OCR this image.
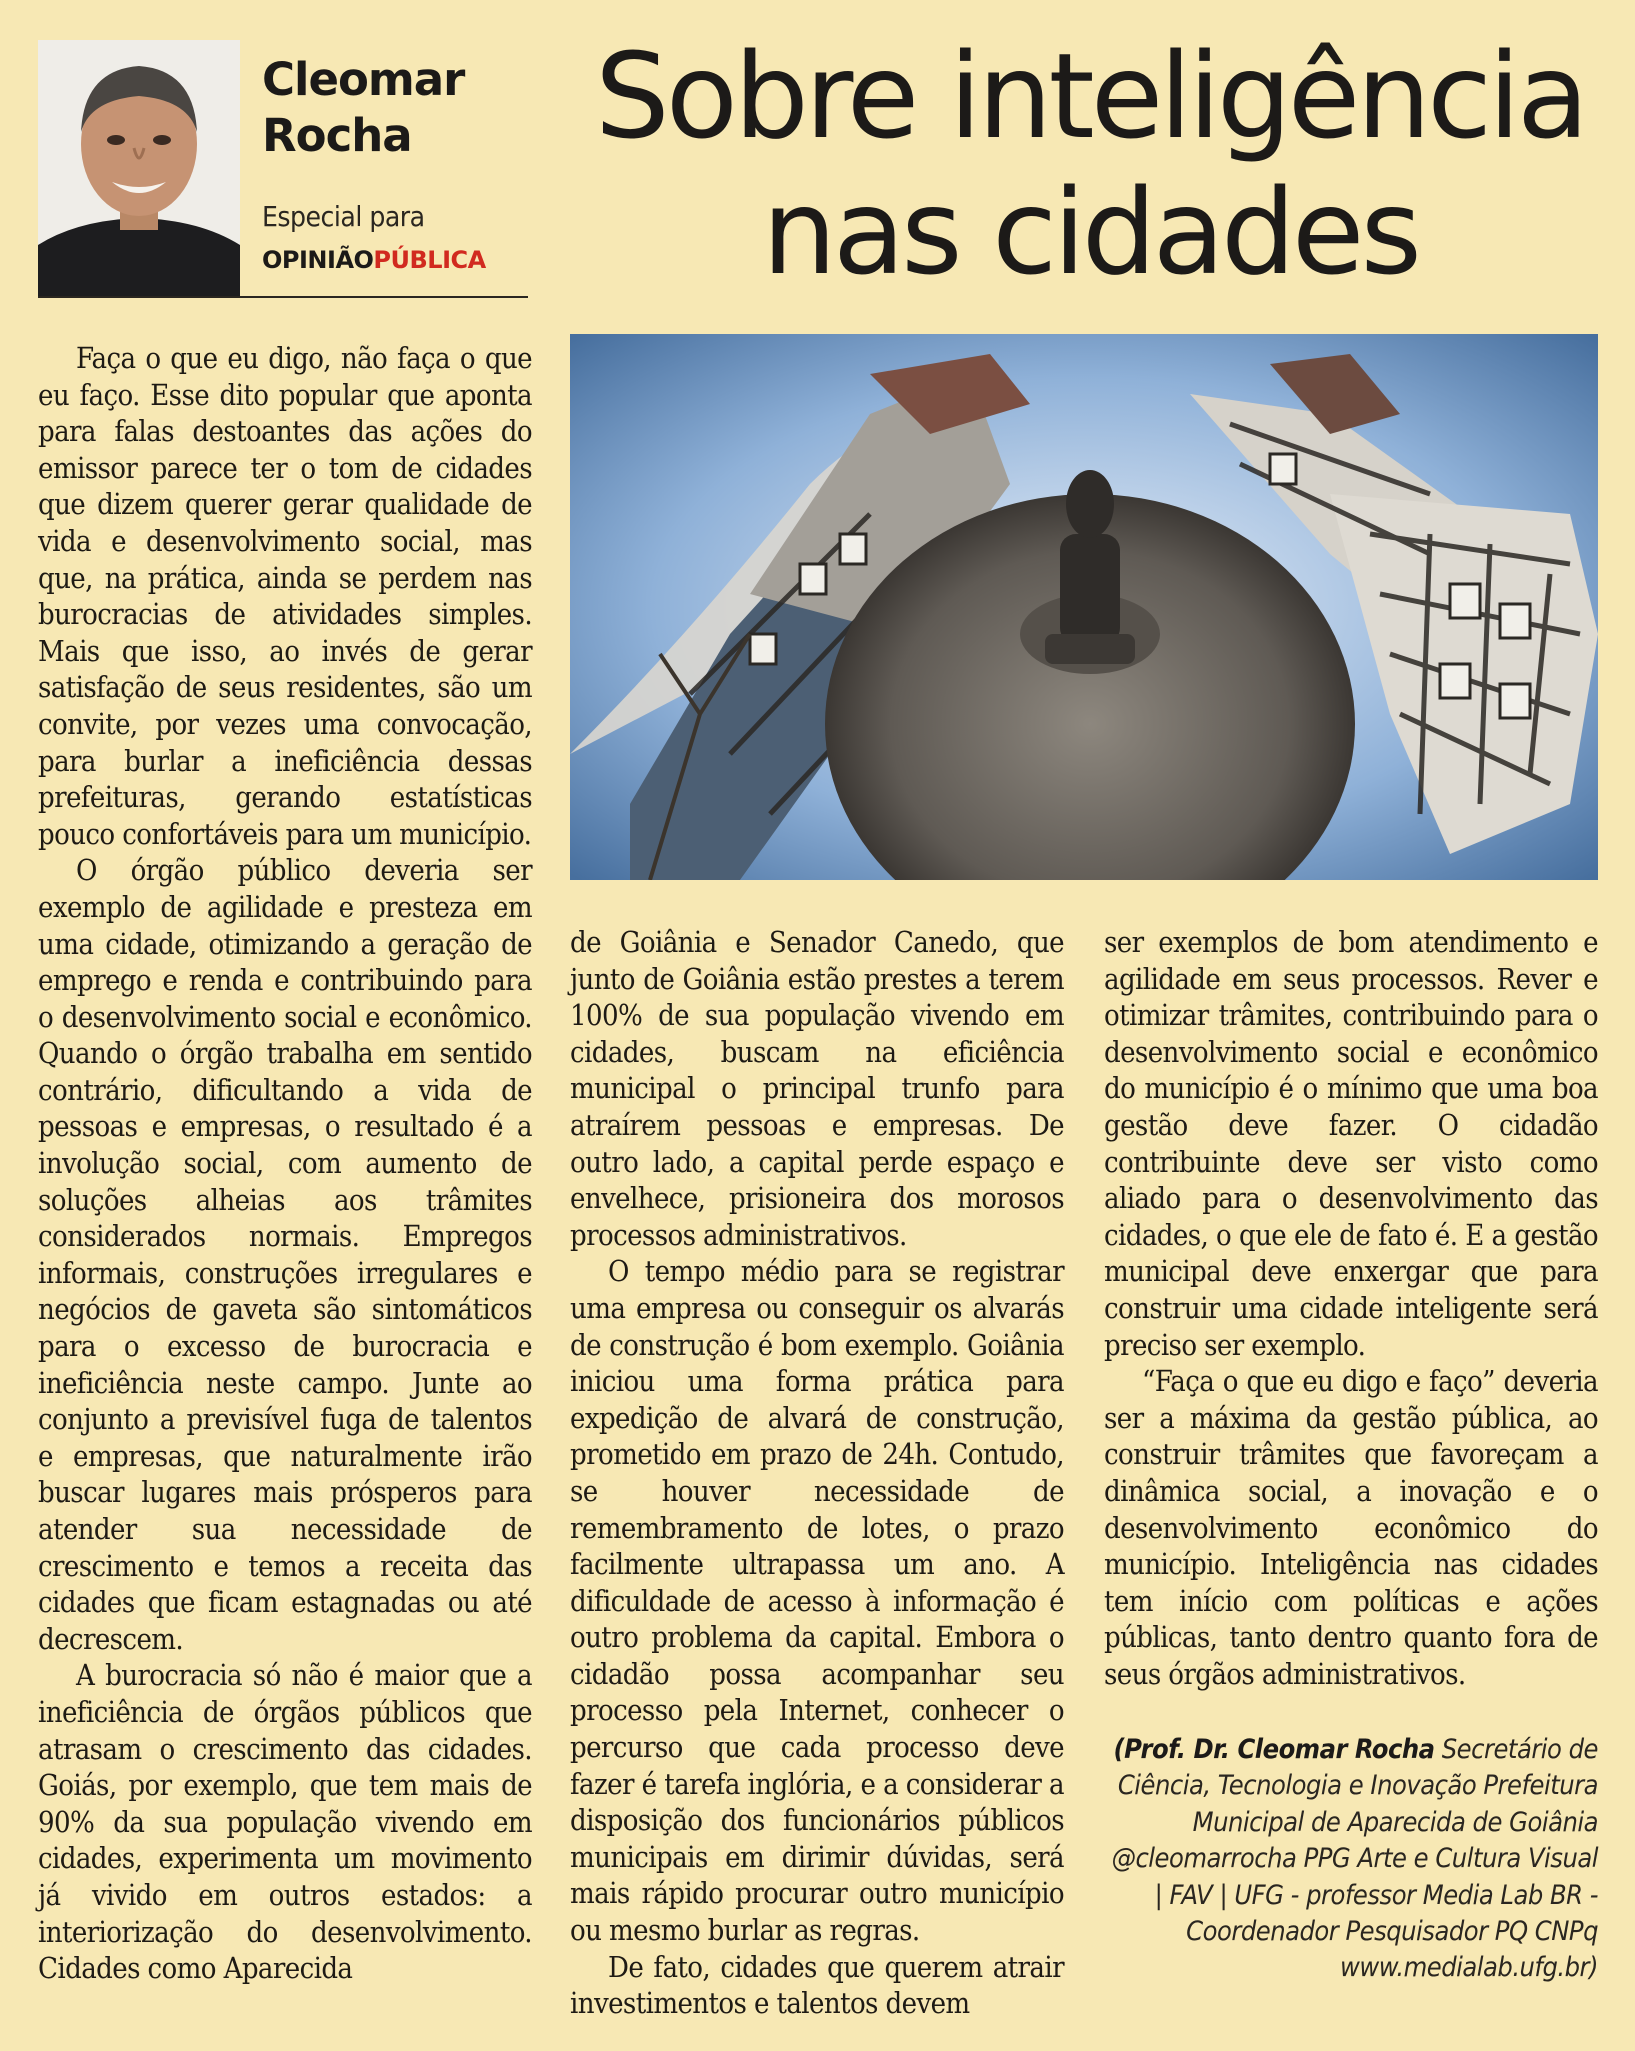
Cleomar
Rocha
Especial para
OPINIÃOPÚBLICA
Sobre inteligência
nas cidades

Faça o que eu digo, não faça o que eu faço. Esse dito popular que aponta para falas destoantes das ações do emissor parece ter o tom de cidades que dizem querer gerar qualidade de vida e desenvolvimento social, mas que, na prática, ainda se perdem nas burocracias de atividades simples. Mais que isso, ao invés de gerar satisfação de seus residentes, são um convite, por vezes uma convocação, para burlar a ineficiência dessas prefeituras, gerando estatísticas pouco confortáveis para um município.

O órgão público deveria ser exemplo de agilidade e presteza em uma cidade, otimizando a geração de emprego e renda e contribuindo para o desenvolvimento social e econômico. Quando o órgão trabalha em sentido contrário, dificultando a vida de pessoas e empresas, o resultado é a involução social, com aumento de soluções alheias aos trâmites considerados normais. Empregos informais, construções irregulares e negócios de gaveta são sintomáticos para o excesso de burocracia e ineficiência neste campo. Junte ao conjunto a previsível fuga de talentos e empresas, que naturalmente irão buscar lugares mais prósperos para atender sua necessidade de crescimento e temos a receita das cidades que ficam estagnadas ou até decrescem.

A burocracia só não é maior que a ineficiência de órgãos públicos que atrasam o crescimento das cidades. Goiás, por exemplo, que tem mais de 90% da sua população vivendo em cidades, experimenta um movimento já vivido em outros estados: a interiorização do desenvolvimento. Cidades como Aparecida

de Goiânia e Senador Canedo, que junto de Goiânia estão prestes a terem 100% de sua população vivendo em cidades, buscam na eficiência municipal o principal trunfo para atraírem pessoas e empresas. De outro lado, a capital perde espaço e envelhece, prisioneira dos morosos processos administrativos.

O tempo médio para se registrar uma empresa ou conseguir os alvarás de construção é bom exemplo. Goiânia iniciou uma forma prática para expedição de alvará de construção, prometido em prazo de 24h. Contudo, se houver necessidade de remembramento de lotes, o prazo facilmente ultrapassa um ano. A dificuldade de acesso à informação é outro problema da capital. Embora o cidadão possa acompanhar seu processo pela Internet, conhecer o percurso que cada processo deve fazer é tarefa inglória, e a considerar a disposição dos funcionários públicos municipais em dirimir dúvidas, será mais rápido procurar outro município ou mesmo burlar as regras.

De fato, cidades que querem atrair investimentos e talentos devem

ser exemplos de bom atendimento e agilidade em seus processos. Rever e otimizar trâmites, contribuindo para o desenvolvimento social e econômico do município é o mínimo que uma boa gestão deve fazer. O cidadão contribuinte deve ser visto como aliado para o desenvolvimento das cidades, o que ele de fato é. E a gestão municipal deve enxergar que para construir uma cidade inteligente será preciso ser exemplo.

“Faça o que eu digo e faço” deveria ser a máxima da gestão pública, ao construir trâmites que favoreçam a dinâmica social, a inovação e o desenvolvimento econômico do município. Inteligência nas cidades tem início com políticas e ações públicas, tanto dentro quanto fora de seus órgãos administrativos.

(Prof. Dr. Cleomar Rocha Secretário de Ciência, Tecnologia e Inovação Prefeitura Municipal de Aparecida de Goiânia @cleomarrocha PPG Arte e Cultura Visual | FAV | UFG - professor Media Lab BR - Coordenador Pesquisador PQ CNPq www.medialab.ufg.br)
